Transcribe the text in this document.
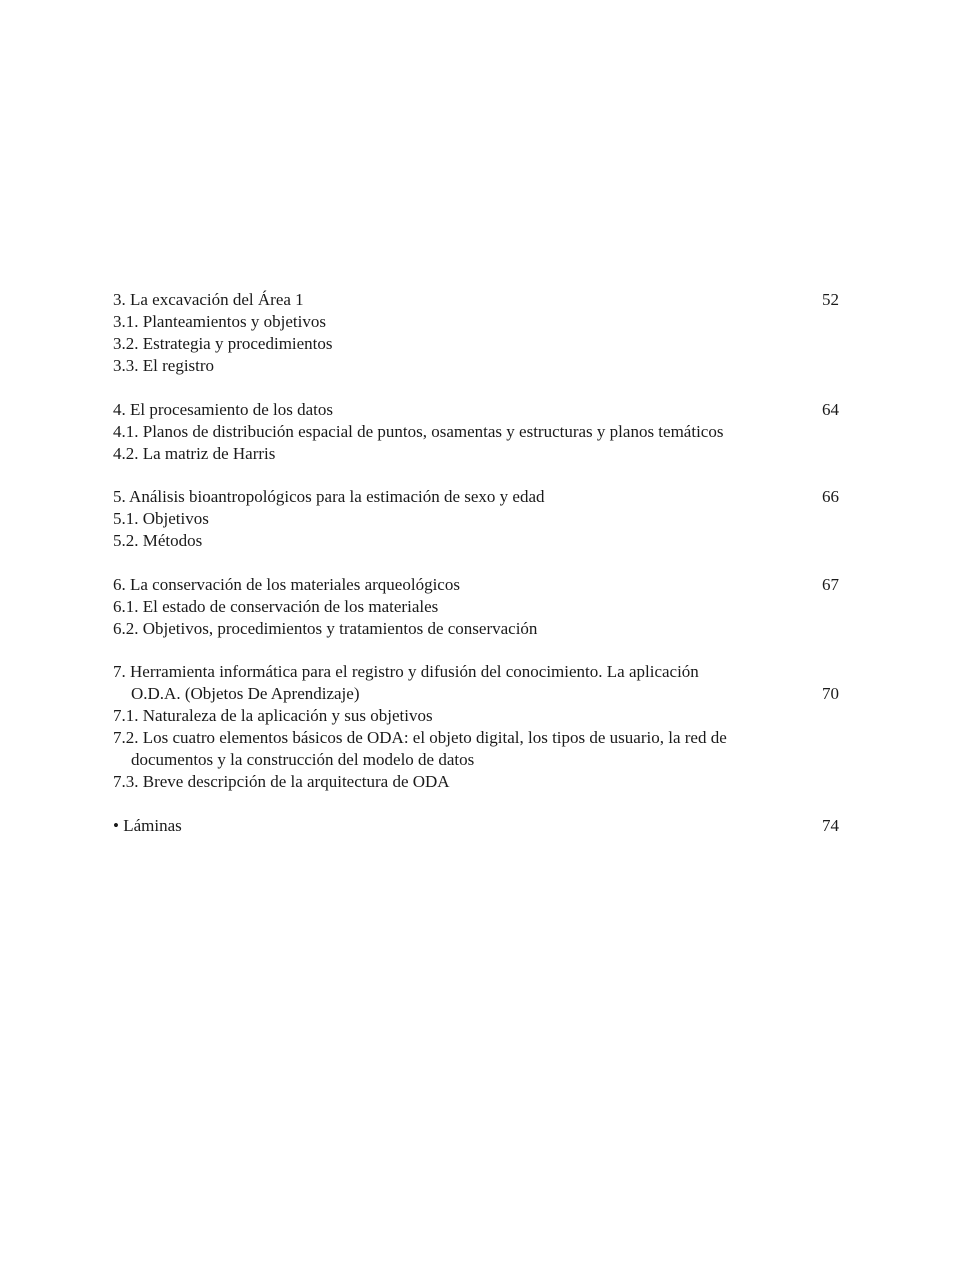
3. La excavación del Área 1	52
3.1. Planteamientos y objetivos
3.2. Estrategia y procedimientos
3.3. El registro
4. El procesamiento de los datos	64
4.1. Planos de distribución espacial de puntos, osamentas y estructuras y planos temáticos
4.2. La matriz de Harris
5. Análisis bioantropológicos para la estimación de sexo y edad	66
5.1. Objetivos
5.2. Métodos
6. La conservación de los materiales arqueológicos	67
6.1. El estado de conservación de los materiales
6.2. Objetivos, procedimientos y tratamientos de conservación
7. Herramienta informática para el registro y difusión del conocimiento. La aplicación
O.D.A. (Objetos De Aprendizaje)	70
7.1. Naturaleza de la aplicación y sus objetivos
7.2. Los cuatro elementos básicos de ODA: el objeto digital, los tipos de usuario, la red de
documentos y la construcción del modelo de datos
7.3. Breve descripción de la arquitectura de ODA
• Láminas	74
